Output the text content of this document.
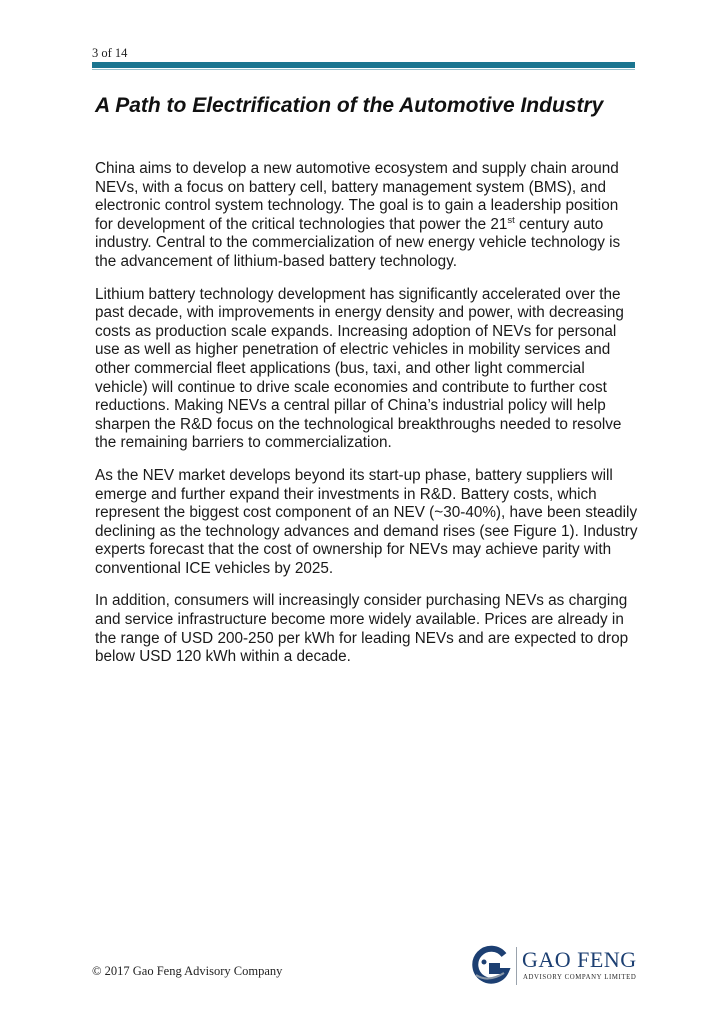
3 of 14
A Path to Electrification of the Automotive Industry

China aims to develop a new automotive ecosystem and supply chain around NEVs, with a focus on battery cell, battery management system (BMS), and electronic control system technology. The goal is to gain a leadership position for development of the critical technologies that power the 21st century auto industry. Central to the commercialization of new energy vehicle technology is the advancement of lithium-based battery technology.

Lithium battery technology development has significantly accelerated over the past decade, with improvements in energy density and power, with decreasing costs as production scale expands. Increasing adoption of NEVs for personal use as well as higher penetration of electric vehicles in mobility services and other commercial fleet applications (bus, taxi, and other light commercial vehicle) will continue to drive scale economies and contribute to further cost reductions. Making NEVs a central pillar of China’s industrial policy will help sharpen the R&D focus on the technological breakthroughs needed to resolve the remaining barriers to commercialization.

As the NEV market develops beyond its start-up phase, battery suppliers will emerge and further expand their investments in R&D. Battery costs, which represent the biggest cost component of an NEV (~30-40%), have been steadily declining as the technology advances and demand rises (see Figure 1). Industry experts forecast that the cost of ownership for NEVs may achieve parity with conventional ICE vehicles by 2025.

In addition, consumers will increasingly consider purchasing NEVs as charging and service infrastructure become more widely available. Prices are already in the range of USD 200-250 per kWh for leading NEVs and are expected to drop below USD 120 kWh within a decade.

© 2017 Gao Feng Advisory Company	GAO FENG
ADVISORY COMPANY LIMITED
